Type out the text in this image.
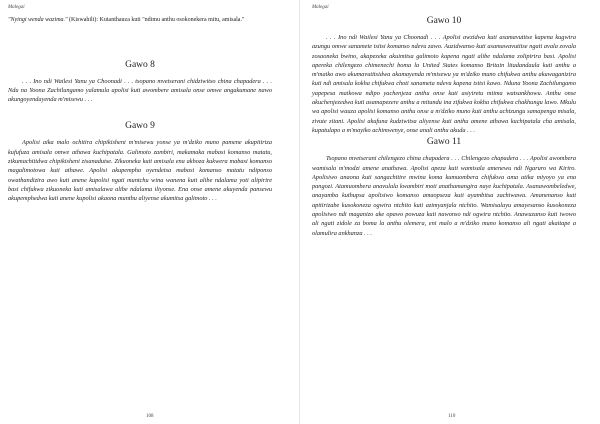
Malegai

"Nyingi wenda wazima." (Kiswahili): Kutanthauza kuti "ndimu anthu osokonekera mitu, amisala."

Gawo 8

. . . Ino ndi Wailesi Yanu ya Choonadi . . . tsopano mvetserani chidziwitso china chapadera . . . Ndu na Yoona Zachilungamo yalamula apolisi kuti awombere amisala onse omwe angakumane nawo akungoyendayenda m'misewu . . .

Gawo 9

Apolisi aika malo ochitira chipikisheni m'misewu yonse ya m'dziko muno pamene akupitiriza kufufuza amisala omwe athawa kuchipatala. Galimoto zambiri, makamaka mabasi komanso matatu, zikumachitidwa chipikisheni zisanadutse. Zikuoneka kuti amisala ena akhoza kukwera mabasi komanso magalimotowa kuti athawe. Apolisi akupempha oyendetsa mabasi komanso matatu ndiponso owathandizira awo kuti anene kupolisi ngati muntchu wina wanena kuti alibe ndalama yoti alipirire basi chifukwa zikuoneka kuti amisalawa alibe ndalama iliyonse. Ena onse amene akuyenda pansewu akupemphedwa kuti anene kupolisi akaona munthu aliyense akumitsa galimoto . . .

108
Malegai
Gawo 10

. . . Ino ndi Wailesi Yanu ya Choonadi . . . Apolisi awzidwa kuti asamavutitse kapena kugwira azungu omwe sanamete tsitsi komanso ndevu zawo. Auzidwanso kuti asamawavutitse ngati avala zovala zosaoneka bwino, akapezeka akuimitsa galimoto kapena ngati alibe ndalama zolipirira basi. Apolisi apereka chilengezo chimenechi boma la United States komanso Britain litadandaula kuti anthu a m'maiko awo akumavutitsidwa akamayenda m'misewu ya m'dziko muno chifukwa anthu akuwaganizira kuti ndi amisala kokha chifukwa choti sanameta ndevu kapena tsitsi kawo. Nduna Yoona Zachilungamo yapepesa maikowa ndipo yachenjeza anthu onse kuti asiyiretu mtima watsankhowu. Anthu onse akuchenjezedwa kuti asamapezere anthu a mitundu ina zifukwa kokha chifukwa chakhungu lawo. Mkulu wa apolisi wauza apolisi komanso anthu onse a m'dziko muno kuti anthu achizungu samapenga misala, zivute zitani. Apolisi akufuna kudziwitsa aliyense kuti anthu amene athawa kuchipatala cha amisala, kupatulapo a m'mayiko achimwenye, onse anali anthu akuda . . .

Gawo 11

Tsopano mvetserani chilengezo china chapadera . . . Chilengezo chapadera . . . Apolisi awombera wamisala m'modzi amene anathawa. Apolisi apeza kuti wamisala amenewu ndi Ngaruro wa Kiriro. Apolisiwo anaona kuti sangachitire mwina koma kumuombera chifukwa ama atika miyoyo ya ena pangozi. Atamuombera anavulala kwambiri moti anathamangira naye kuchipatala. Asanawombeledwe, anayamba kuthupsa apolisiwo komanso amaopseza kuti ayambitsa zachiwawa. Amanenanso kuti apitirizabe kusokoneza ogwira ntchito kuti azimyanjala ntchito. Wamisalayu amayesanso kusokoneza apolisiwo ndi maganizo ake opawo powuza kuti nawonso ndi ogwira ntchito. Anawuzanso kuti iwowo ali ngati zidole za boma la anthu olemera, eni malo a m'dziko muno komanso ali ngati akaitape a olamulira ankhanza . . .

110
